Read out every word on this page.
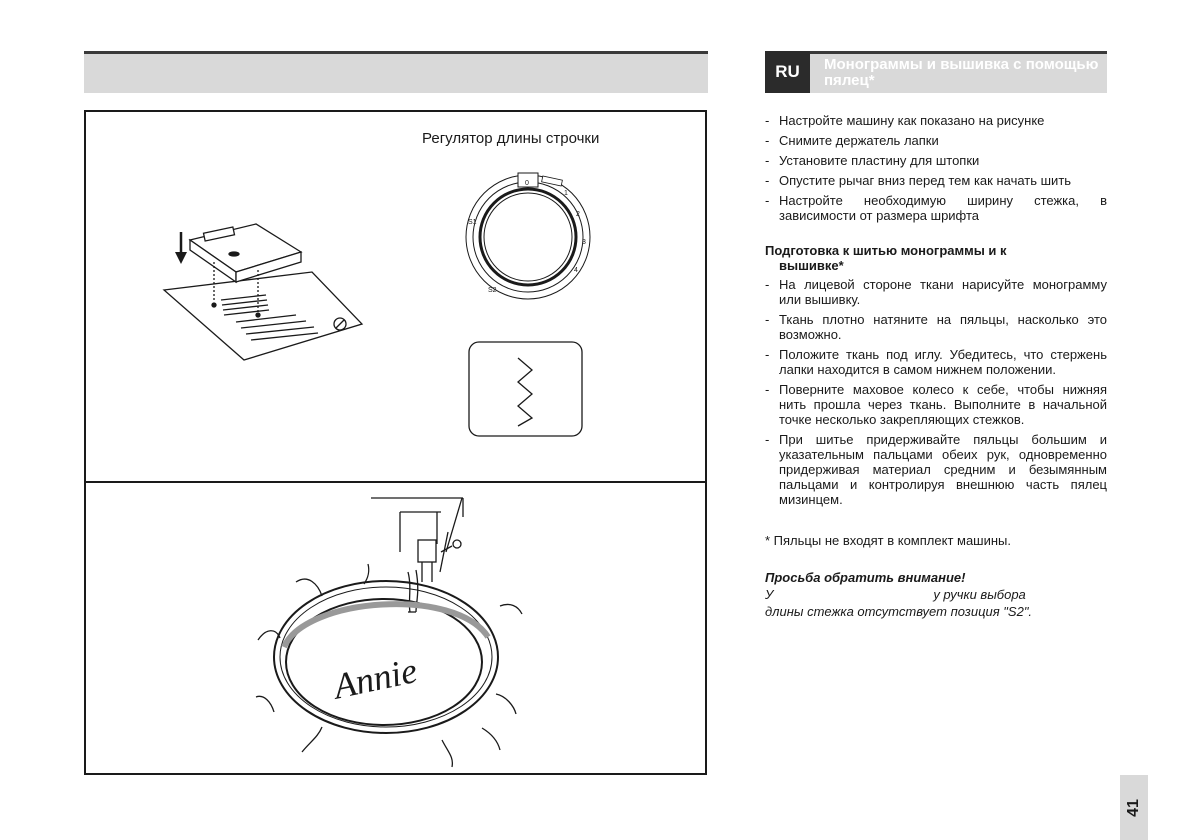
Регулятор длины строчки
0
1
2
3
4
S1
S2
Annie
RU	Монограммы и вышивка с помощью пялец*
- Настройте машину как показано на рисунке
- Снимите держатель лапки
- Установите пластину для штопки
- Опустите рычаг вниз перед тем как начать шить
- Настройте необходимую ширину стежка, в зависимости от размера шрифта
Подготовка к шитью монограммы и к
вышивке*
- На лицевой стороне ткани нарисуйте монограмму или вышивку.
- Ткань плотно натяните на пяльцы, насколько это возможно.
- Положите ткань под иглу. Убедитесь, что стержень лапки находится в самом нижнем положении.
- Поверните маховое колесо к себе, чтобы нижняя нить прошла через ткань. Выполните в начальной точке несколько закрепляющих стежков.
- При шитье придерживайте пяльцы большим и указательным пальцами обеих рук, одновременно придерживая материал средним и безымянным пальцами и контролируя внешнюю часть пялец мизинцем.
* Пяльцы не входят в комплект машины.
Просьба обратить внимание!
У	у ручки выбора
длины стежка отсутствует позиция "S2".
41
